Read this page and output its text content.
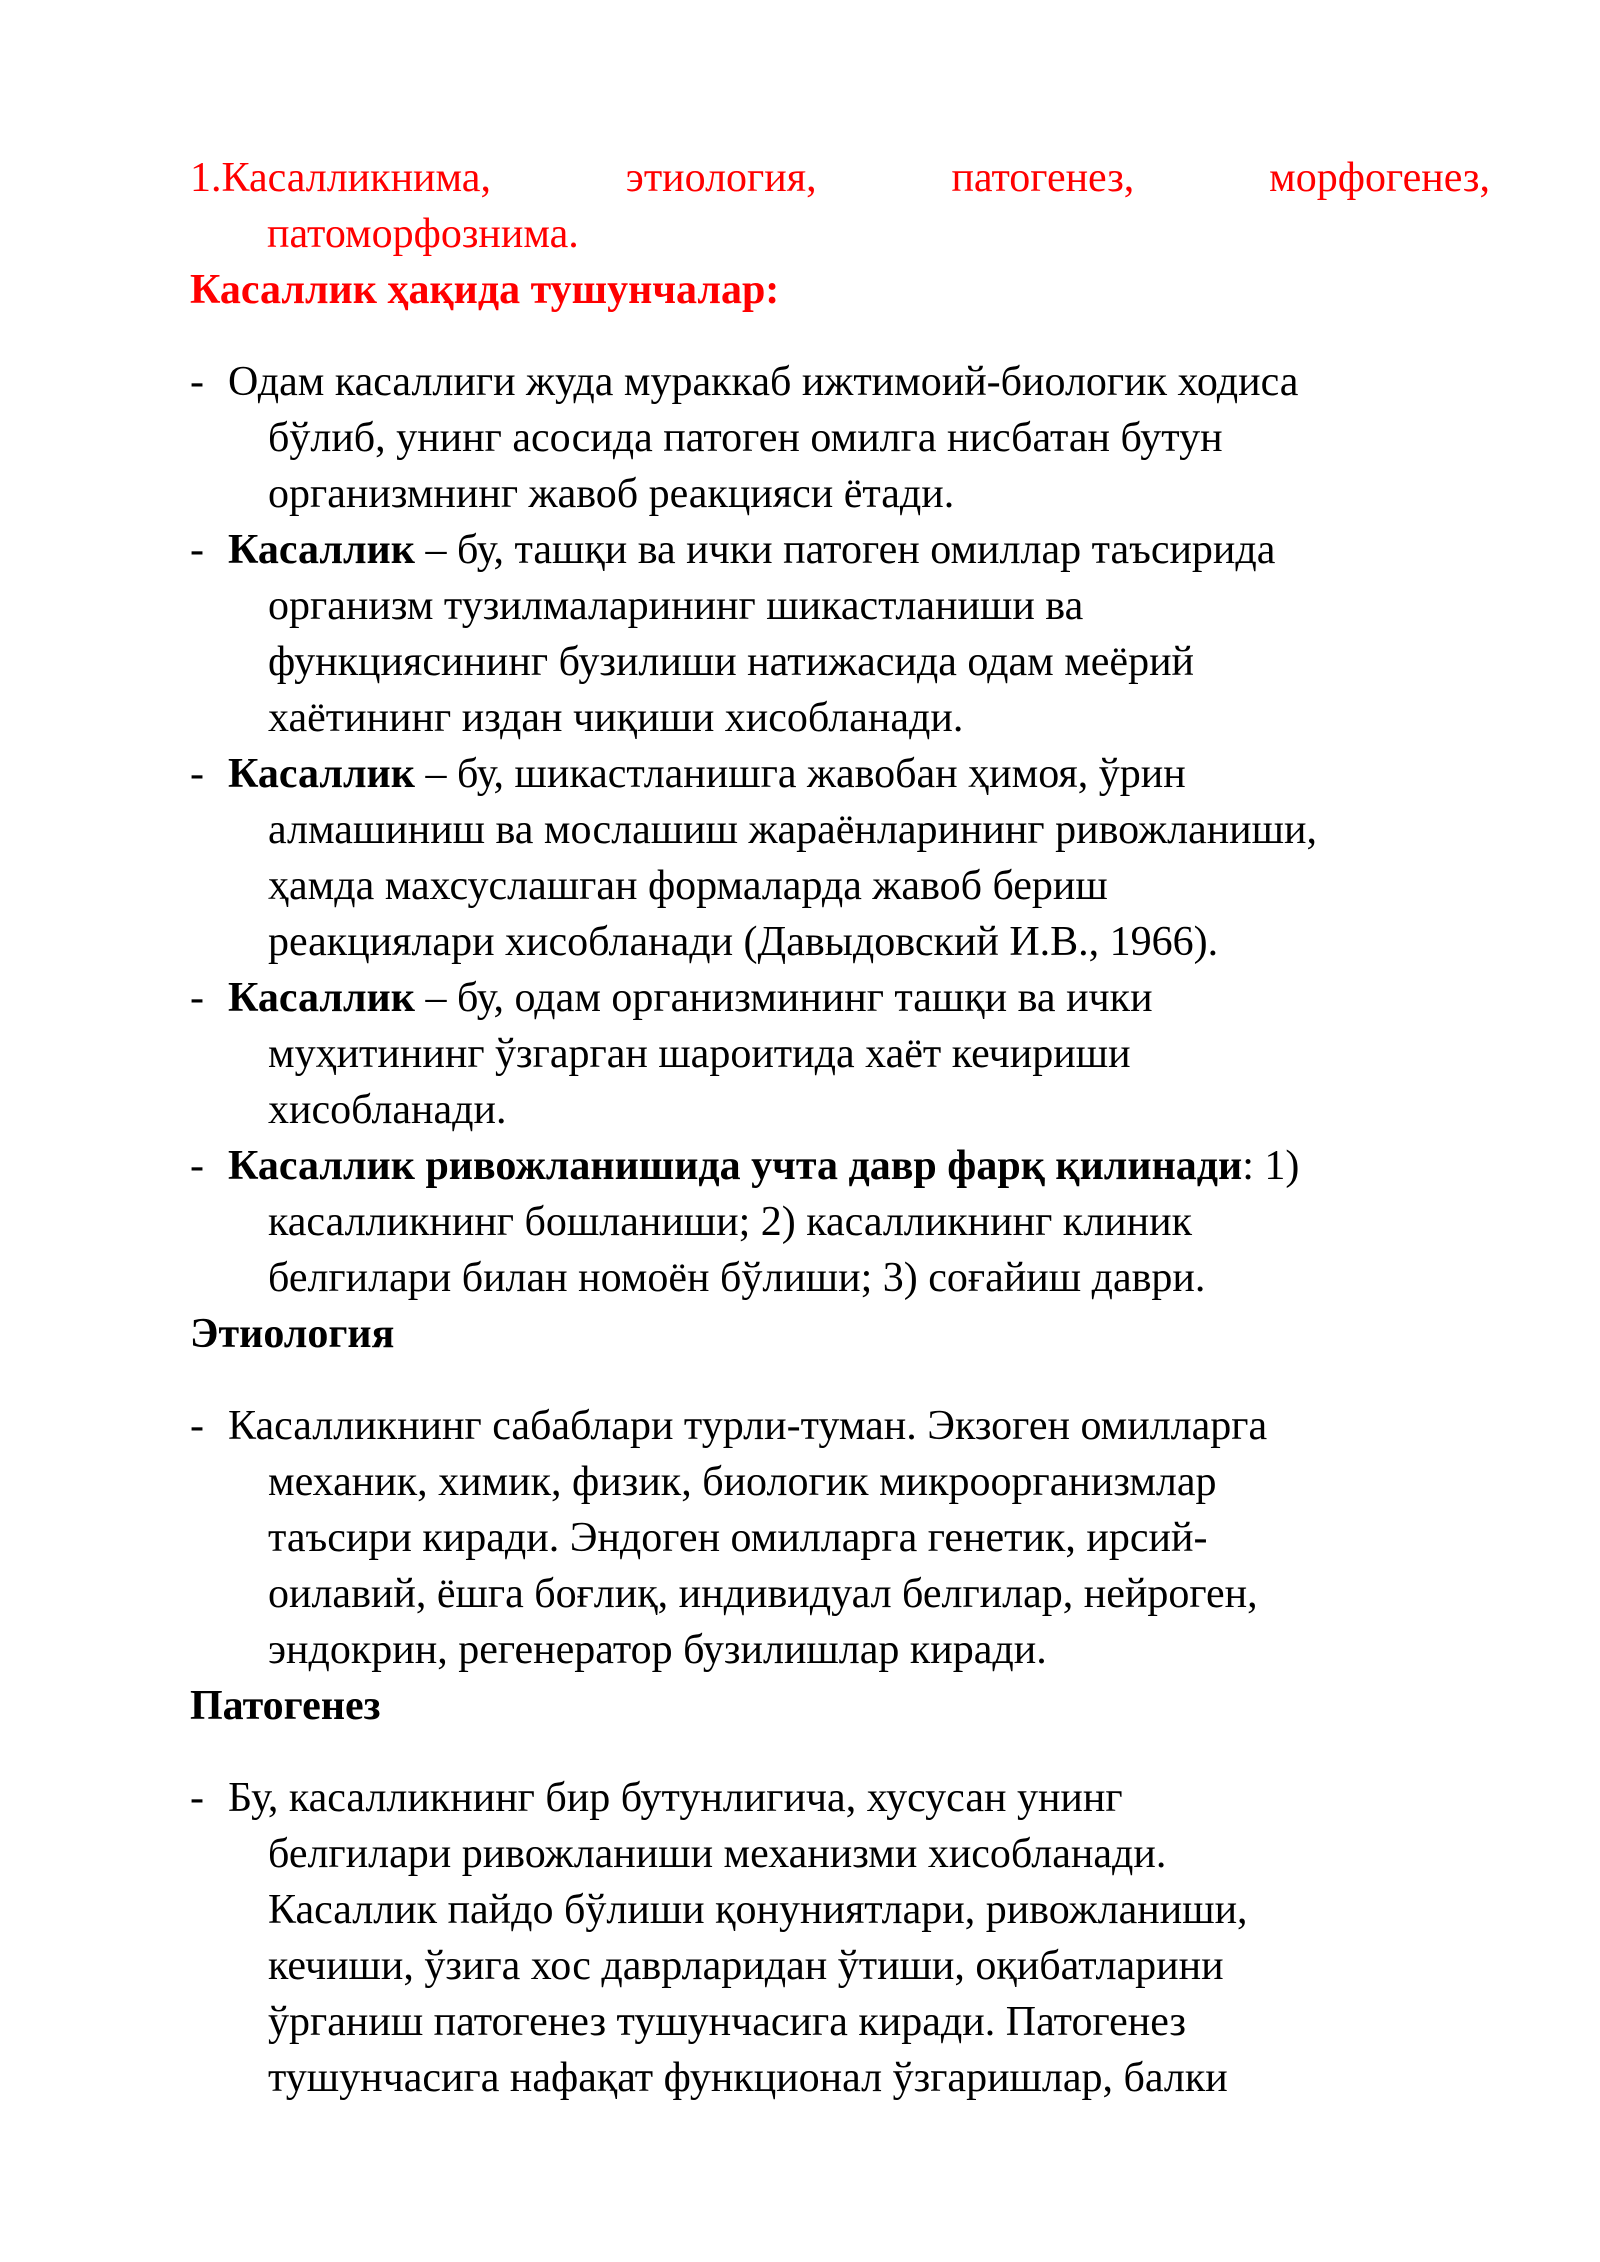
1.Касалликнима,	этиология,	патогенез,	морфогенез,
патоморфознима.
Касаллик ҳақида тушунчалар:
- Одам касаллиги жуда мураккаб ижтимоий-биологик ходиса
бўлиб, унинг асосида патоген омилга нисбатан бутун
организмнинг жавоб реакцияси ётади.
- Касаллик – бу, ташқи ва ички патоген омиллар таъсирида
организм тузилмаларининг шикастланиши ва
функциясининг бузилиши натижасида одам меёрий
хаётининг издан чиқиши хисобланади.
- Касаллик – бу, шикастланишга жавобан ҳимоя, ўрин
алмашиниш ва мослашиш жараёнларининг ривожланиши,
ҳамда махсуслашган формаларда жавоб бериш
реакциялари хисобланади (Давыдовский И.В., 1966).
- Касаллик – бу, одам организмининг ташқи ва ички
муҳитининг ўзгарган шароитида хаёт кечириши
хисобланади.
- Касаллик ривожланишида учта давр фарқ қилинади: 1)
касалликнинг бошланиши; 2) касалликнинг клиник
белгилари билан номоён бўлиши; 3) соғайиш даври.
Этиология
- Касалликнинг сабаблари турли-туман. Экзоген омилларга
механик, химик, физик, биологик микроорганизмлар
таъсири киради. Эндоген омилларга генетик, ирсий-
оилавий, ёшга боғлиқ, индивидуал белгилар, нейроген,
эндокрин, регенератор бузилишлар киради.
Патогенез
- Бу, касалликнинг бир бутунлигича, хусусан унинг
белгилари ривожланиши механизми хисобланади.
Касаллик пайдо бўлиши қонуниятлари, ривожланиши,
кечиши, ўзига хос даврларидан ўтиши, оқибатларини
ўрганиш патогенез тушунчасига киради. Патогенез
тушунчасига нафақат функционал ўзгаришлар, балки
